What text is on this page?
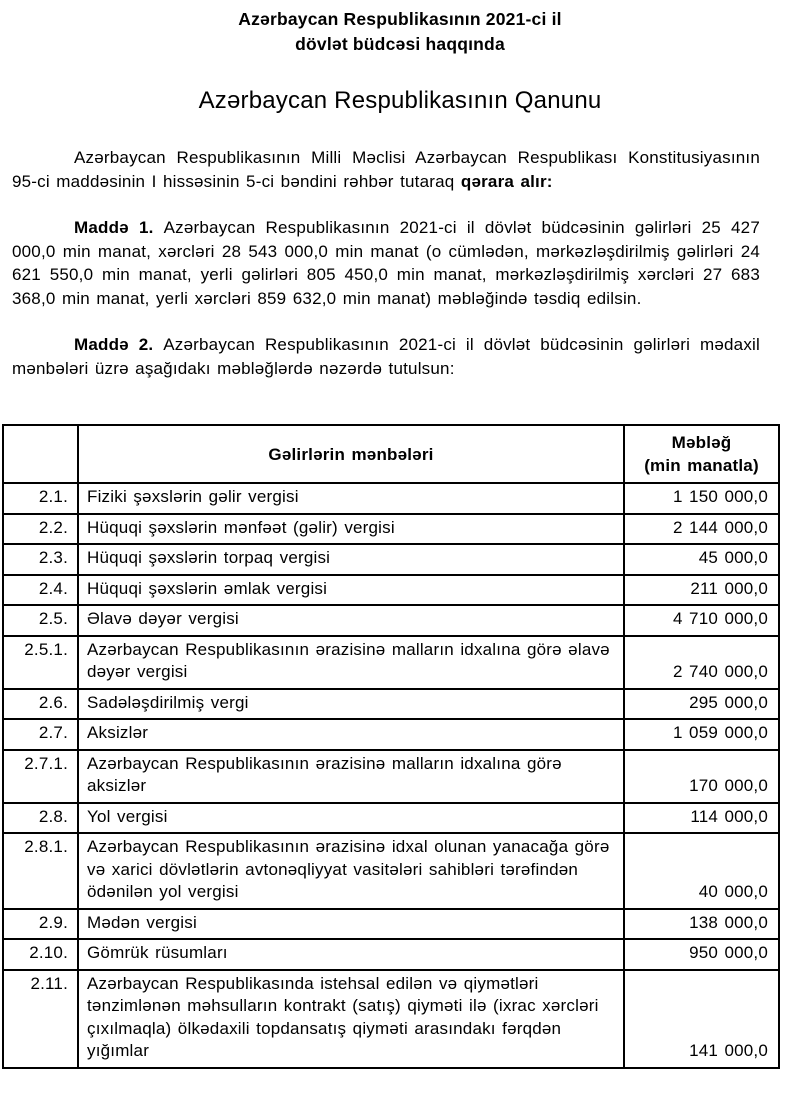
Azərbaycan Respublikasının 2021-ci il
dövlət büdcəsi haqqında
Azərbaycan Respublikasının Qanunu

Azərbaycan Respublikasının Milli Məclisi Azərbaycan Respublikası Konstitusiyasının 95-ci maddəsinin I hissəsinin 5-ci bəndini rəhbər tutaraq qərara alır:

Maddə 1. Azərbaycan Respublikasının 2021-ci il dövlət büdcəsinin gəlirləri 25 427 000,0 min manat, xərcləri 28 543 000,0 min manat (o cümlədən, mərkəzləşdirilmiş gəlirləri 24 621 550,0 min manat, yerli gəlirləri 805 450,0 min manat, mərkəzləşdirilmiş xərcləri 27 683 368,0 min manat, yerli xərcləri 859 632,0 min manat) məbləğində təsdiq edilsin.

Maddə 2. Azərbaycan Respublikasının 2021-ci il dövlət büdcəsinin gəlirləri mədaxil mənbələri üzrə aşağıdakı məbləğlərdə nəzərdə tutulsun:

	Gəlirlərin mənbələri	Məbləğ
(min manatla)

2.1.	Fiziki şəxslərin gəlir vergisi	1 150 000,0
2.2.	Hüquqi şəxslərin mənfəət (gəlir) vergisi	2 144 000,0
2.3.	Hüquqi şəxslərin torpaq vergisi	45 000,0
2.4.	Hüquqi şəxslərin əmlak vergisi	211 000,0
2.5.	Əlavə dəyər vergisi	4 710 000,0
2.5.1.	Azərbaycan Respublikasının ərazisinə malların idxalına görə əlavə dəyər vergisi	2 740 000,0
2.6.	Sadələşdirilmiş vergi	295 000,0
2.7.	Aksizlər	1 059 000,0
2.7.1.	Azərbaycan Respublikasının ərazisinə malların idxalına görə aksizlər	170 000,0
2.8.	Yol vergisi	114 000,0
2.8.1.	Azərbaycan Respublikasının ərazisinə idxal olunan yanacağa görə və xarici dövlətlərin avtonəqliyyat vasitələri sahibləri tərəfindən ödənilən yol vergisi	40 000,0
2.9.	Mədən vergisi	138 000,0
2.10.	Gömrük rüsumları	950 000,0
2.11.	Azərbaycan Respublikasında istehsal edilən və qiymətləri tənzimlənən məhsulların kontrakt (satış) qiyməti ilə (ixrac xərcləri çıxılmaqla) ölkədaxili topdansatış qiyməti arasındakı fərqdən yığımlar	141 000,0
